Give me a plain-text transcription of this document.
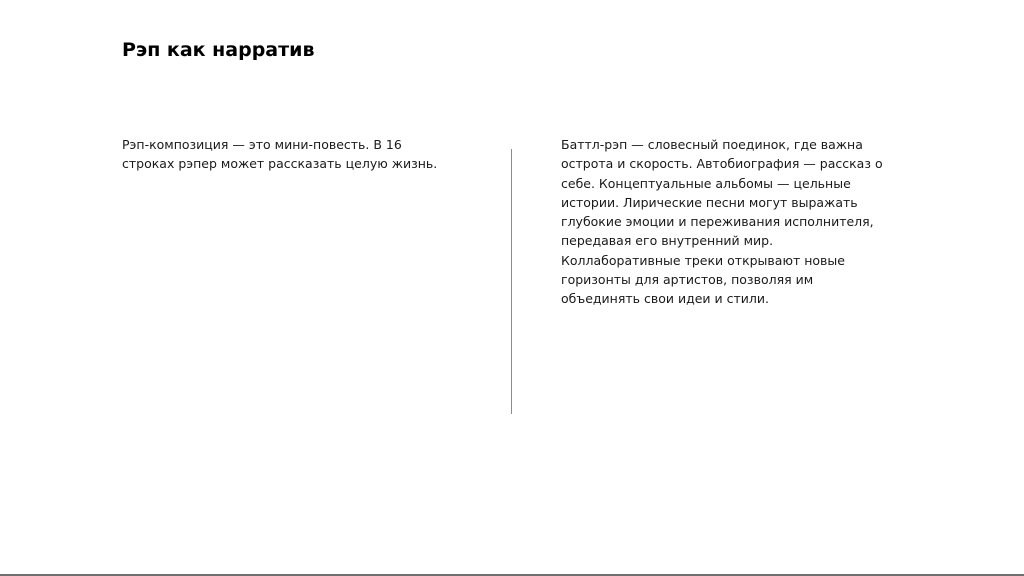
Рэп как нарратив
Рэп-композиция — это мини-повесть. В 16
строках рэпер может рассказать целую жизнь.
Баттл-рэп — словесный поединок, где важна
острота и скорость. Автобиография — рассказ о
себе. Концептуальные альбомы — цельные
истории. Лирические песни могут выражать
глубокие эмоции и переживания исполнителя,
передавая его внутренний мир.
Коллаборативные треки открывают новые
горизонты для артистов, позволяя им
объединять свои идеи и стили.
